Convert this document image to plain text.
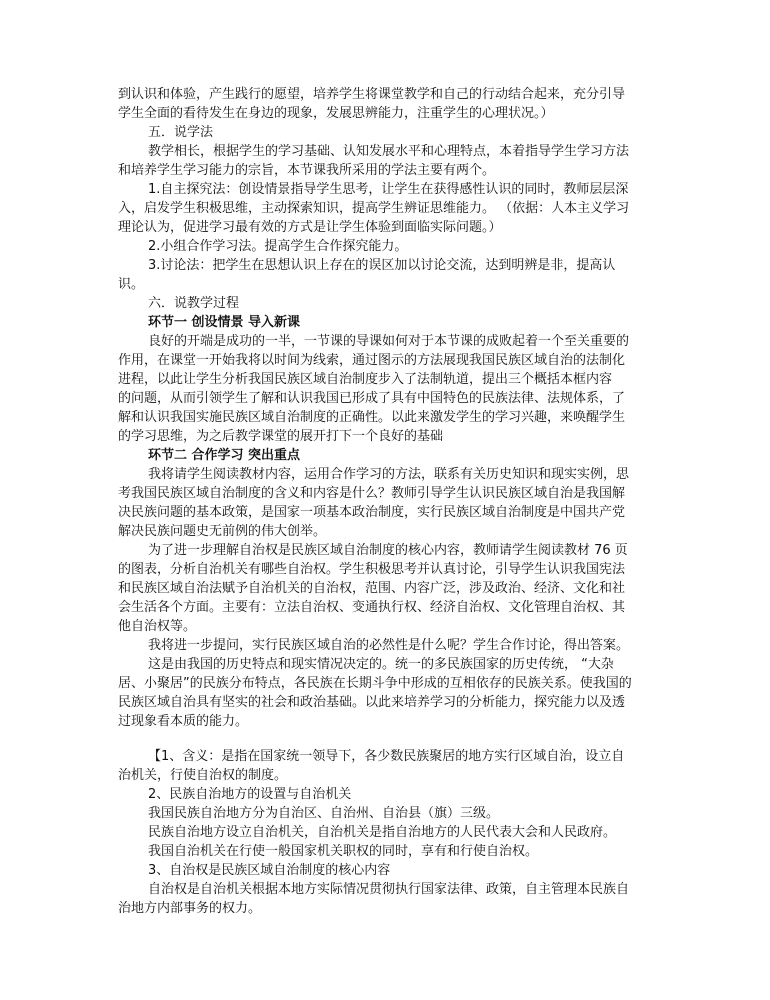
到认识和体验，产生践行的愿望，培养学生将课堂教学和自己的行动结合起来，充分引导
学生全面的看待发生在身边的现象，发展思辨能力，注重学生的心理状况。）
五．说学法
教学相长，根据学生的学习基础、认知发展水平和心理特点，本着指导学生学习方法
和培养学生学习能力的宗旨，本节课我所采用的学法主要有两个。
1.自主探究法：创设情景指导学生思考，让学生在获得感性认识的同时，教师层层深
入，启发学生积极思维，主动探索知识，提高学生辨证思维能力。 （依据：人本主义学习
理论认为，促进学习最有效的方式是让学生体验到面临实际问题。）
2.小组合作学习法。提高学生合作探究能力。
3.讨论法：把学生在思想认识上存在的误区加以讨论交流，达到明辨是非，提高认
识。
六．说教学过程
环节一 创设情景 导入新课
良好的开端是成功的一半，一节课的导课如何对于本节课的成败起着一个至关重要的
作用，在课堂一开始我将以时间为线索，通过图示的方法展现我国民族区域自治的法制化
进程，以此让学生分析我国民族区域自治制度步入了法制轨道，提出三个概括本框内容
的问题，从而引领学生了解和认识我国已形成了具有中国特色的民族法律、法规体系，了
解和认识我国实施民族区域自治制度的正确性。以此来激发学生的学习兴趣，来唤醒学生
的学习思维，为之后教学课堂的展开打下一个良好的基础
环节二 合作学习 突出重点
我将请学生阅读教材内容，运用合作学习的方法，联系有关历史知识和现实实例，思
考我国民族区域自治制度的含义和内容是什么？教师引导学生认识民族区域自治是我国解
决民族问题的基本政策，是国家一项基本政治制度，实行民族区域自治制度是中国共产党
解决民族问题史无前例的伟大创举。
为了进一步理解自治权是民族区域自治制度的核心内容，教师请学生阅读教材 76 页
的图表，分析自治机关有哪些自治权。学生积极思考并认真讨论，引导学生认识我国宪法
和民族区域自治法赋予自治机关的自治权，范围、内容广泛，涉及政治、经济、文化和社
会生活各个方面。主要有：立法自治权、变通执行权、经济自治权、文化管理自治权、其
他自治权等。
我将进一步提问，实行民族区域自治的必然性是什么呢？学生合作讨论，得出答案。
这是由我国的历史特点和现实情况决定的。统一的多民族国家的历史传统， “大杂
居、小聚居”的民族分布特点，各民族在长期斗争中形成的互相依存的民族关系。使我国的
民族区域自治具有坚实的社会和政治基础。以此来培养学习的分析能力，探究能力以及透
过现象看本质的能力。
【1、含义：是指在国家统一领导下，各少数民族聚居的地方实行区域自治，设立自
治机关，行使自治权的制度。
2、民族自治地方的设置与自治机关
我国民族自治地方分为自治区、自治州、自治县（旗）三级。
民族自治地方设立自治机关，自治机关是指自治地方的人民代表大会和人民政府。
我国自治机关在行使一般国家机关职权的同时，享有和行使自治权。
3、自治权是民族区域自治制度的核心内容
自治权是自治机关根据本地方实际情况贯彻执行国家法律、政策，自主管理本民族自
治地方内部事务的权力。
